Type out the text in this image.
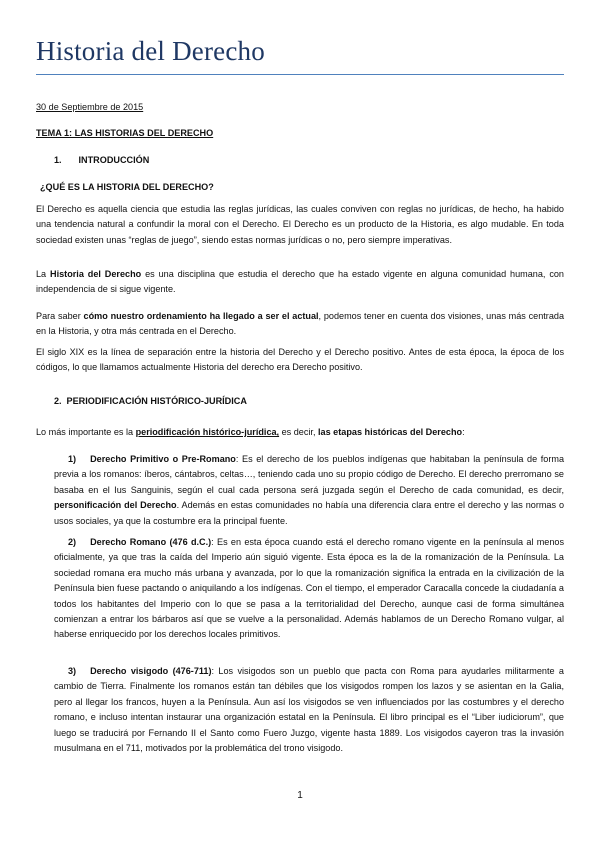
Historia del Derecho
30 de Septiembre de 2015
TEMA 1: LAS HISTORIAS DEL DERECHO
1. INTRODUCCIÓN
¿QUÉ ES LA HISTORIA DEL DERECHO?
El Derecho es aquella ciencia que estudia las reglas jurídicas, las cuales conviven con reglas no jurídicas, de hecho, ha habido una tendencia natural a confundir la moral con el Derecho. El Derecho es un producto de la Historia, es algo mudable. En toda sociedad existen unas “reglas de juego”, siendo estas normas jurídicas o no, pero siempre imperativas.
La Historia del Derecho es una disciplina que estudia el derecho que ha estado vigente en alguna comunidad humana, con independencia de si sigue vigente.
Para saber cómo nuestro ordenamiento ha llegado a ser el actual, podemos tener en cuenta dos visiones, unas más centrada en la Historia, y otra más centrada en el Derecho.
El siglo XIX es la línea de separación entre la historia del Derecho y el Derecho positivo. Antes de esta época, la época de los códigos, lo que llamamos actualmente Historia del derecho era Derecho positivo.
2. PERIODIFICACIÓN HISTÓRICO-JURÍDICA
Lo más importante es la periodificación histórico-jurídica, es decir, las etapas históricas del Derecho:
1) Derecho Primitivo o Pre-Romano: Es el derecho de los pueblos indígenas que habitaban la península de forma previa a los romanos: íberos, cántabros, celtas…, teniendo cada uno su propio código de Derecho. El derecho prerromano se basaba en el Ius Sanguinis, según el cual cada persona será juzgada según el Derecho de cada comunidad, es decir, personificación del Derecho. Además en estas comunidades no había una diferencia clara entre el derecho y las normas o usos sociales, ya que la costumbre era la principal fuente.
2) Derecho Romano (476 d.C.): Es en esta época cuando está el derecho romano vigente en la península al menos oficialmente, ya que tras la caída del Imperio aún siguió vigente. Esta época es la de la romanización de la Península. La sociedad romana era mucho más urbana y avanzada, por lo que la romanización significa la entrada en la civilización de la Península bien fuese pactando o aniquilando a los indígenas. Con el tiempo, el emperador Caracalla concede la ciudadanía a todos los habitantes del Imperio con lo que se pasa a la territorialidad del Derecho, aunque casi de forma simultánea comienzan a entrar los bárbaros así que se vuelve a la personalidad. Además hablamos de un Derecho Romano vulgar, al haberse enriquecido por los derechos locales primitivos.
3) Derecho visigodo (476-711): Los visigodos son un pueblo que pacta con Roma para ayudarles militarmente a cambio de Tierra. Finalmente los romanos están tan débiles que los visigodos rompen los lazos y se asientan en la Galia, pero al llegar los francos, huyen a la Península. Aun así los visigodos se ven influenciados por las costumbres y el derecho romano, e incluso intentan instaurar una organización estatal en la Península. El libro principal es el “Liber iudiciorum”, que luego se traducirá por Fernando II el Santo como Fuero Juzgo, vigente hasta 1889. Los visigodos cayeron tras la invasión musulmana en el 711, motivados por la problemática del trono visigodo.
1
